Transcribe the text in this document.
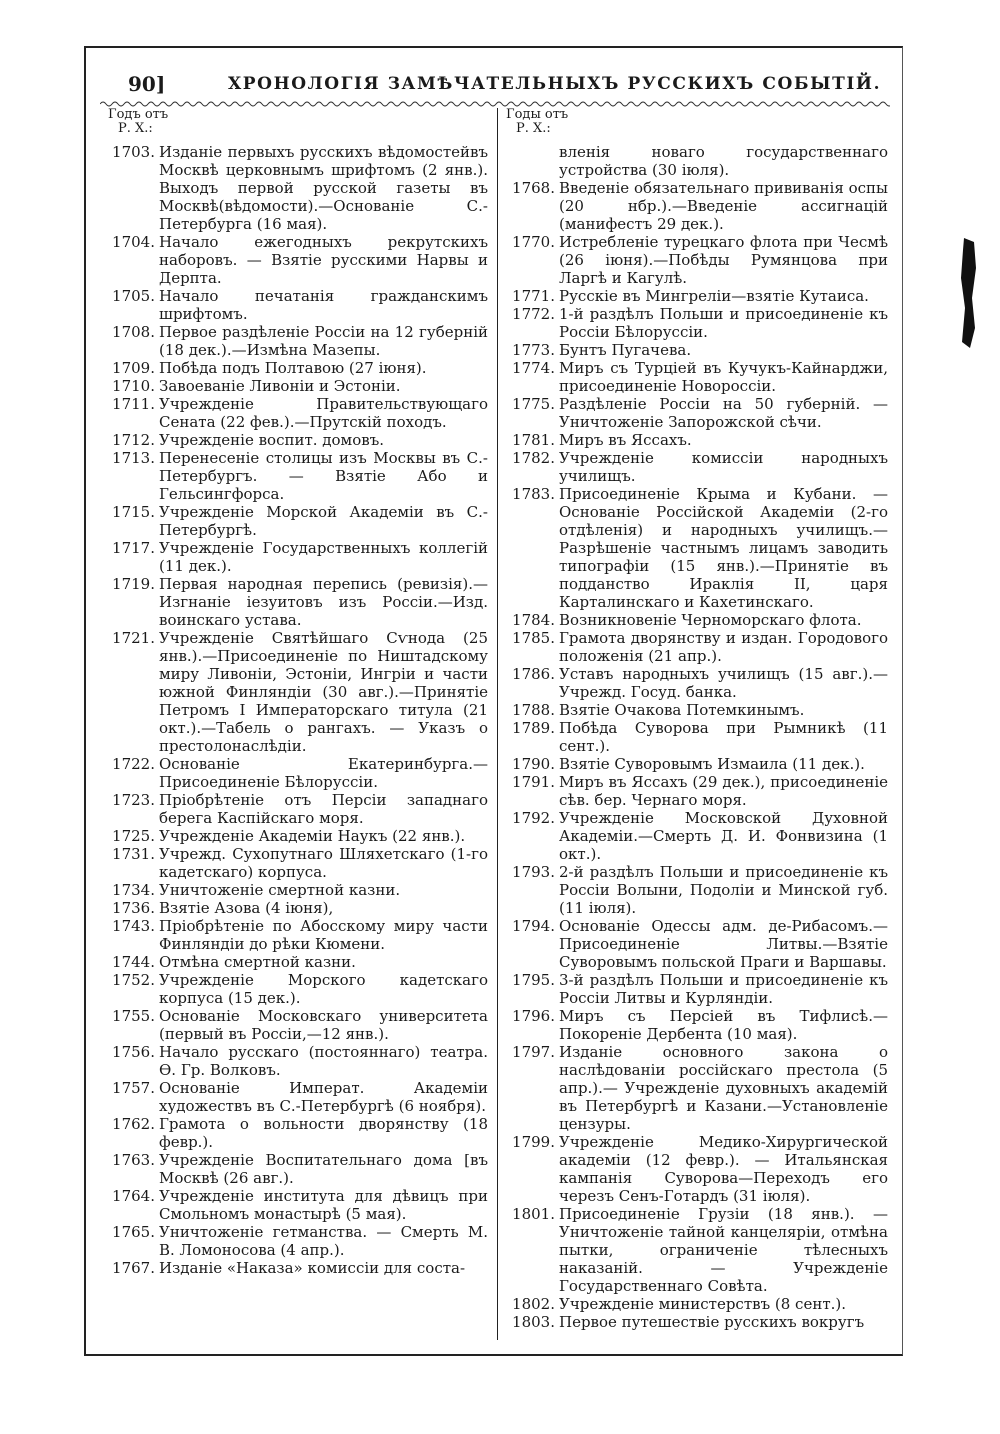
90]	ХРОНОЛОГІЯ ЗАМѢЧАТЕЛЬНЫХЪ РУССКИХЪ СОБЫТІЙ.
Годъ отъ
Р. Х.:
Годы отъ
Р. Х.:
1703. Изданіе первыхъ русскихъ вѣдомостейвъ Москвѣ церковнымъ шрифтомъ (2 янв.). Выходъ первой русской газеты въ Москвѣ(вѣдомости).—Основаніе С.-Петербурга (16 мая).
1704. Начало ежегодныхъ рекрутскихъ наборовъ. — Взятіе русскими Нарвы и Дерпта.
1705. Начало печатанія гражданскимъ шрифтомъ.
1708. Первое раздѣленіе Россіи на 12 губерній (18 дек.).—Измѣна Мазепы.
1709. Побѣда подъ Полтавою (27 іюня).
1710. Завоеваніе Ливоніи и Эстоніи.
1711. Учрежденіе Правительствующаго Сената (22 фев.).—Прутскій походъ.
1712. Учрежденіе воспит. домовъ.
1713. Перенесеніе столицы изъ Москвы въ С.-Петербургъ. — Взятіе Або и Гельсингфорса.
1715. Учрежденіе Морской Академіи въ С.-Петербургѣ.
1717. Учрежденіе Государственныхъ коллегій (11 дек.).
1719. Первая народная перепись (ревизія).— Изгнаніе іезуитовъ изъ Россіи.—Изд. воинскаго устава.
1721. Учрежденіе Святѣйшаго Сѵнода (25 янв.).—Присоединеніе по Ништадскому миру Ливоніи, Эстоніи, Ингріи и части южной Финляндіи (30 авг.).—Принятіе Петромъ I Императорскаго титула (21 окт.).—Табель о рангахъ. — Указъ о престолонаслѣдіи.
1722. Основаніе Екатеринбурга.—Присоединеніе Бѣлоруссіи.
1723. Пріобрѣтеніе отъ Персіи западнаго берега Каспійскаго моря.
1725. Учрежденіе Академіи Наукъ (22 янв.).
1731. Учрежд. Сухопутнаго Шляхетскаго (1-го кадетскаго) корпуса.
1734. Уничтоженіе смертной казни.
1736. Взятіе Азова (4 іюня),
1743. Пріобрѣтеніе по Абосскому миру части Финляндіи до рѣки Кюмени.
1744. Отмѣна смертной казни.
1752. Учрежденіе Морского кадетскаго корпуса (15 дек.).
1755. Основаніе Московскаго университета (первый въ Россіи,—12 янв.).
1756. Начало русскаго (постояннаго) театра. Ѳ. Гр. Волковъ.
1757. Основаніе Императ. Академіи художествъ въ С.-Петербургѣ (6 ноября).
1762. Грамота о вольности дворянству (18 февр.).
1763. Учрежденіе Воспитательнаго дома [въ Москвѣ (26 авг.).
1764. Учрежденіе института для дѣвицъ при Смольномъ монастырѣ (5 мая).
1765. Уничтоженіе гетманства. — Смерть М. В. Ломоносова (4 апр.).
1767. Изданіе «Наказа» комиссіи для соста-
вленія новаго государственнаго устройства (30 іюля).
1768. Введеніе обязательнаго прививанія оспы (20 нбр.).—Введеніе ассигнацій (манифестъ 29 дек.).
1770. Истребленіе турецкаго флота при Чесмѣ (26 іюня).—Побѣды Румянцова при Ларгѣ и Кагулѣ.
1771. Русскіе въ Мингреліи—взятіе Кутаиса.
1772. 1-й раздѣлъ Польши и присоединеніе къ Россіи Бѣлоруссіи.
1773. Бунтъ Пугачева.
1774. Миръ съ Турціей въ Кучукъ-Кайнарджи, присоединеніе Новороссіи.
1775. Раздѣленіе Россіи на 50 губерній. — Уничтоженіе Запорожской сѣчи.
1781. Миръ въ Яссахъ.
1782. Учрежденіе комиссіи народныхъ училищъ.
1783. Присоединеніе Крыма и Кубани. — Основаніе Россійской Академіи (2-го отдѣленія) и народныхъ училищъ.— Разрѣшеніе частнымъ лицамъ заводить типографіи (15 янв.).—Принятіе въ подданство Ираклія II, царя Карталинскаго и Кахетинскаго.
1784. Возникновеніе Черноморскаго флота.
1785. Грамота дворянству и издан. Городового положенія (21 апр.).
1786. Уставъ народныхъ училищъ (15 авг.).— Учрежд. Госуд. банка.
1788. Взятіе Очакова Потемкинымъ.
1789. Побѣда Суворова при Рымникѣ (11 сент.).
1790. Взятіе Суворовымъ Измаила (11 дек.).
1791. Миръ въ Яссахъ (29 дек.), присоединеніе сѣв. бер. Чернаго моря.
1792. Учрежденіе Московской Духовной Академіи.—Смерть Д. И. Фонвизина (1 окт.).
1793. 2-й раздѣлъ Польши и присоединеніе къ Россіи Волыни, Подоліи и Минской губ. (11 іюля).
1794. Основаніе Одессы адм. де-Рибасомъ.— Присоединеніе Литвы.—Взятіе Суворовымъ польской Праги и Варшавы.
1795. 3-й раздѣлъ Польши и присоединеніе къ Россіи Литвы и Курляндіи.
1796. Миръ съ Персіей въ Тифлисѣ.—Покореніе Дербента (10 мая).
1797. Изданіе основного закона о наслѣдованіи россійскаго престола (5 апр.).— Учрежденіе духовныхъ академій въ Петербургѣ и Казани.—Установленіе цензуры.
1799. Учрежденіе Медико-Хирургической академіи (12 февр.). — Итальянская кампанія Суворова—Переходъ его черезъ Сенъ-Готардъ (31 іюля).
1801. Присоединеніе Грузіи (18 янв.). — Уничтоженіе тайной канцеляріи, отмѣна пытки, ограниченіе тѣлесныхъ наказаній. — Учрежденіе Государственнаго Совѣта.
1802. Учрежденіе министерствъ (8 сент.).
1803. Первое путешествіе русскихъ вокругъ
